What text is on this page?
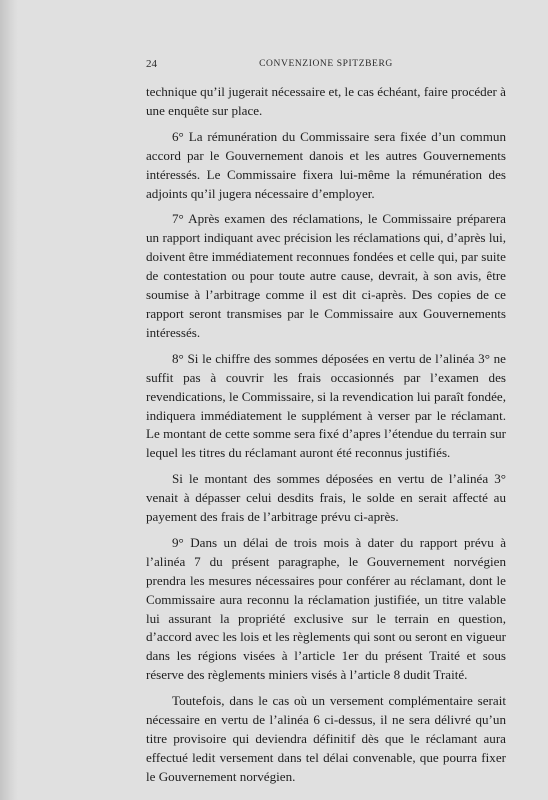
24	CONVENZIONE SPITZBERG

technique qu’il jugerait nécessaire et, le cas échéant, faire procéder à une enquête sur place.

6° La rémunération du Commissaire sera fixée d’un commun accord par le Gouvernement danois et les autres Gouvernements intéressés. Le Commissaire fixera lui-même la rémunération des adjoints qu’il jugera nécessaire d’employer.

7° Après examen des réclamations, le Commissaire préparera un rapport indiquant avec précision les réclamations qui, d’après lui, doivent être immédiatement reconnues fondées et celle qui, par suite de contestation ou pour toute autre cause, devrait, à son avis, être soumise à l’arbitrage comme il est dit ci-après. Des copies de ce rapport seront transmises par le Commissaire aux Gouvernements intéressés.

8° Si le chiffre des sommes déposées en vertu de l’alinéa 3° ne suffit pas à couvrir les frais occasionnés par l’examen des revendications, le Commissaire, si la revendication lui paraît fondée, indiquera immédiatement le supplément à verser par le réclamant. Le montant de cette somme sera fixé d’apres l’étendue du terrain sur lequel les titres du réclamant auront été reconnus justifiés.

Si le montant des sommes déposées en vertu de l’alinéa 3° venait à dépasser celui desdits frais, le solde en serait affecté au payement des frais de l’arbitrage prévu ci-après.

9° Dans un délai de trois mois à dater du rapport prévu à l’alinéa 7 du présent paragraphe, le Gouvernement norvégien prendra les mesures nécessaires pour conférer au réclamant, dont le Commissaire aura reconnu la réclamation justifiée, un titre valable lui assurant la propriété exclusive sur le terrain en question, d’accord avec les lois et les règlements qui sont ou seront en vigueur dans les régions visées à l’article 1er du présent Traité et sous réserve des règlements miniers visés à l’article 8 dudit Traité.

Toutefois, dans le cas où un versement complémentaire serait nécessaire en vertu de l’alinéa 6 ci-dessus, il ne sera délivré qu’un titre provisoire qui deviendra définitif dès que le réclamant aura effectué ledit versement dans tel délai convenable, que pourra fixer le Gouvernement norvégien.
